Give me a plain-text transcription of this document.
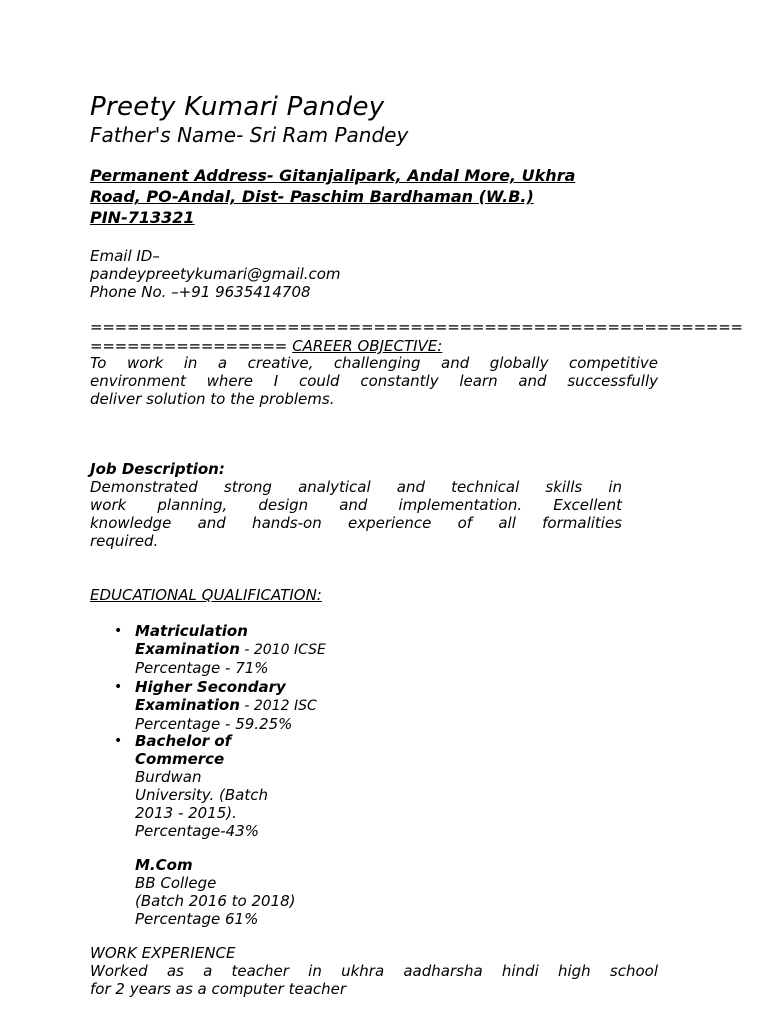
Preety Kumari Pandey
Father's Name- Sri Ram Pandey
Permanent Address- Gitanjalipark, Andal More, Ukhra
Road, PO-Andal, Dist- Paschim Bardhaman (W.B.)
PIN-713321
Email ID–
pandeypreetykumari@gmail.com
Phone No. –+91 9635414708
=====================================================
================ CAREER OBJECTIVE:
To work in a creative, challenging and globally competitive
environment where I could constantly learn and successfully
deliver solution to the problems.
Job Description:
Demonstrated strong analytical and technical skills in
work planning, design and implementation. Excellent
knowledge and hands-on experience of all formalities
required.
EDUCATIONAL QUALIFICATION:
• Matriculation
Examination - 2010 ICSE
Percentage - 71%
• Higher Secondary
Examination - 2012 ISC
Percentage - 59.25%
• Bachelor of
Commerce
Burdwan
University. (Batch
2013 - 2015).
Percentage-43%
M.Com
BB College
(Batch 2016 to 2018)
Percentage 61%
WORK EXPERIENCE
Worked as a teacher in ukhra aadharsha hindi high school
for 2 years as a computer teacher
